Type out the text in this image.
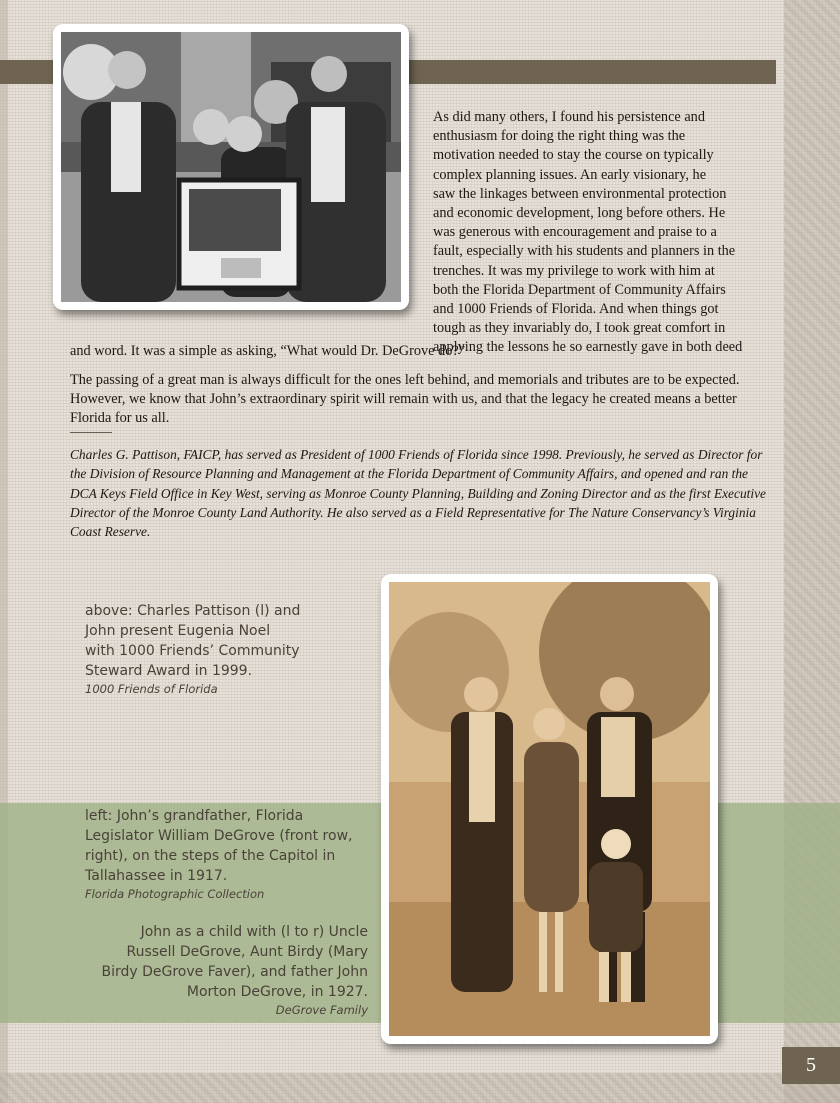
As did many others, I found his persistence and
enthusiasm for doing the right thing was the
motivation needed to stay the course on typically
complex planning issues. An early visionary, he
saw the linkages between environmental protection
and economic development, long before others. He
was generous with encouragement and praise to a
fault, especially with his students and planners in the
trenches. It was my privilege to work with him at
both the Florida Department of Community Affairs
and 1000 Friends of Florida. And when things got
tough as they invariably do, I took great comfort in
applying the lessons he so earnestly gave in both deed
and word. It was a simple as asking, “What would Dr. DeGrove do?”
The passing of a great man is always difficult for the ones left behind, and memorials and tributes are to be expected. However, we know that John’s extraordinary spirit will remain with us, and that the legacy he created means a better Florida for us all.
Charles G. Pattison, FAICP, has served as President of 1000 Friends of Florida since 1998. Previously, he served as Director for the Division of Resource Planning and Management at the Florida Department of Community Affairs, and opened and ran the DCA Keys Field Office in Key West, serving as Monroe County Planning, Building and Zoning Director and as the first Executive Director of the Monroe County Land Authority. He also served as a Field Representative for The Nature Conservancy’s Virginia Coast Reserve.
above: Charles Pattison (l) and
John present Eugenia Noel
with 1000 Friends’ Community
Steward Award in 1999.
1000 Friends of Florida
left: John’s grandfather, Florida
Legislator William DeGrove (front row,
right), on the steps of the Capitol in
Tallahassee in 1917.
Florida Photographic Collection
John as a child with (l to r) Uncle
Russell DeGrove, Aunt Birdy (Mary
Birdy DeGrove Faver), and father John
Morton DeGrove, in 1927.
DeGrove Family
5
